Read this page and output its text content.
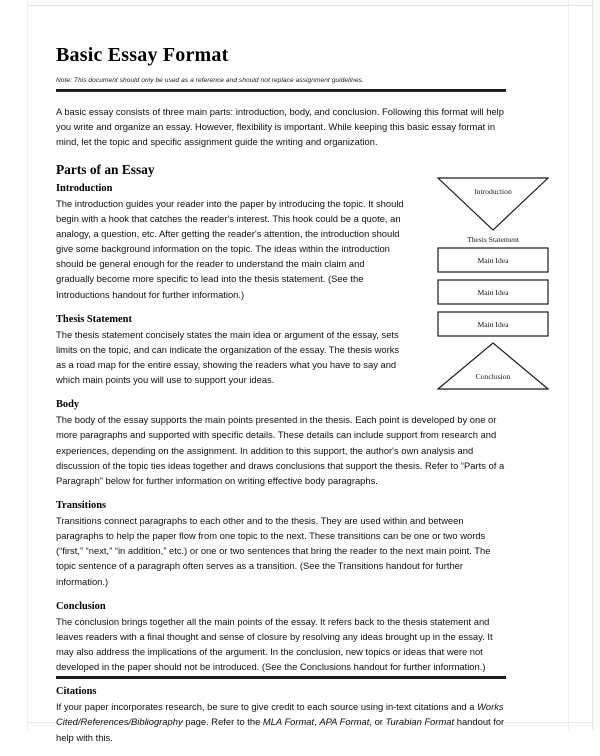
Basic Essay Format
Note: This document should only be used as a reference and should not replace assignment guidelines.

A basic essay consists of three main parts: introduction, body, and conclusion. Following this format will help you write and organize an essay. However, flexibility is important. While keeping this basic essay format in mind, let the topic and specific assignment guide the writing and organization.

Parts of an Essay
Introduction

The introduction guides your reader into the paper by introducing the topic. It should begin with a hook that catches the reader's interest. This hook could be a quote, an analogy, a question, etc. After getting the reader's attention, the introduction should give some background information on the topic. The ideas within the introduction should be general enough for the reader to understand the main claim and gradually become more specific to lead into the thesis statement. (See the Introductions handout for further information.)

Thesis Statement

The thesis statement concisely states the main idea or argument of the essay, sets limits on the topic, and can indicate the organization of the essay. The thesis works as a road map for the entire essay, showing the readers what you have to say and which main points you will use to support your ideas.

Body

The body of the essay supports the main points presented in the thesis. Each point is developed by one or more paragraphs and supported with specific details. These details can include support from research and experiences, depending on the assignment. In addition to this support, the author's own analysis and discussion of the topic ties ideas together and draws conclusions that support the thesis. Refer to “Parts of a Paragraph” below for further information on writing effective body paragraphs.

Transitions

Transitions connect paragraphs to each other and to the thesis. They are used within and between paragraphs to help the paper flow from one topic to the next. These transitions can be one or two words (“first,” “next,” “in addition,” etc.) or one or two sentences that bring the reader to the next main point. The topic sentence of a paragraph often serves as a transition. (See the Transitions handout for further information.)

Conclusion

The conclusion brings together all the main points of the essay. It refers back to the thesis statement and leaves readers with a final thought and sense of closure by resolving any ideas brought up in the essay. It may also address the implications of the argument. In the conclusion, new topics or ideas that were not developed in the paper should not be introduced. (See the Conclusions handout for further information.)

Citations

If your paper incorporates research, be sure to give credit to each source using in-text citations and a Works Cited/References/Bibliography page. Refer to the MLA Format, APA Format, or Turabian Format handout for help with this.

Introduction
Thesis Statement
Main Idea
Main Idea
Main Idea
Conclusion
